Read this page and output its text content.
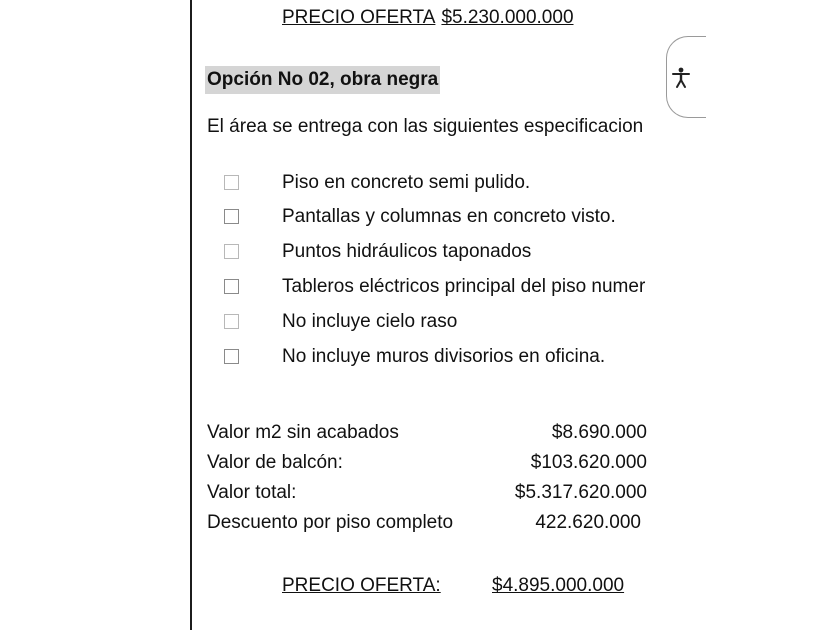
PRECIO OFERTA $5.230.000.000
Opción No 02, obra negra
El área se entrega con las siguientes especificacion
Piso en concreto semi pulido.
Pantallas y columnas en concreto visto.
Puntos hidráulicos taponados
Tableros eléctricos principal del piso numer
No incluye cielo raso
No incluye muros divisorios en oficina.
Valor m2 sin acabados	$8.690.000
Valor de balcón:	$103.620.000
Valor total:	$5.317.620.000
Descuento por piso completo	422.620.000
PRECIO OFERTA:	$4.895.000.000
